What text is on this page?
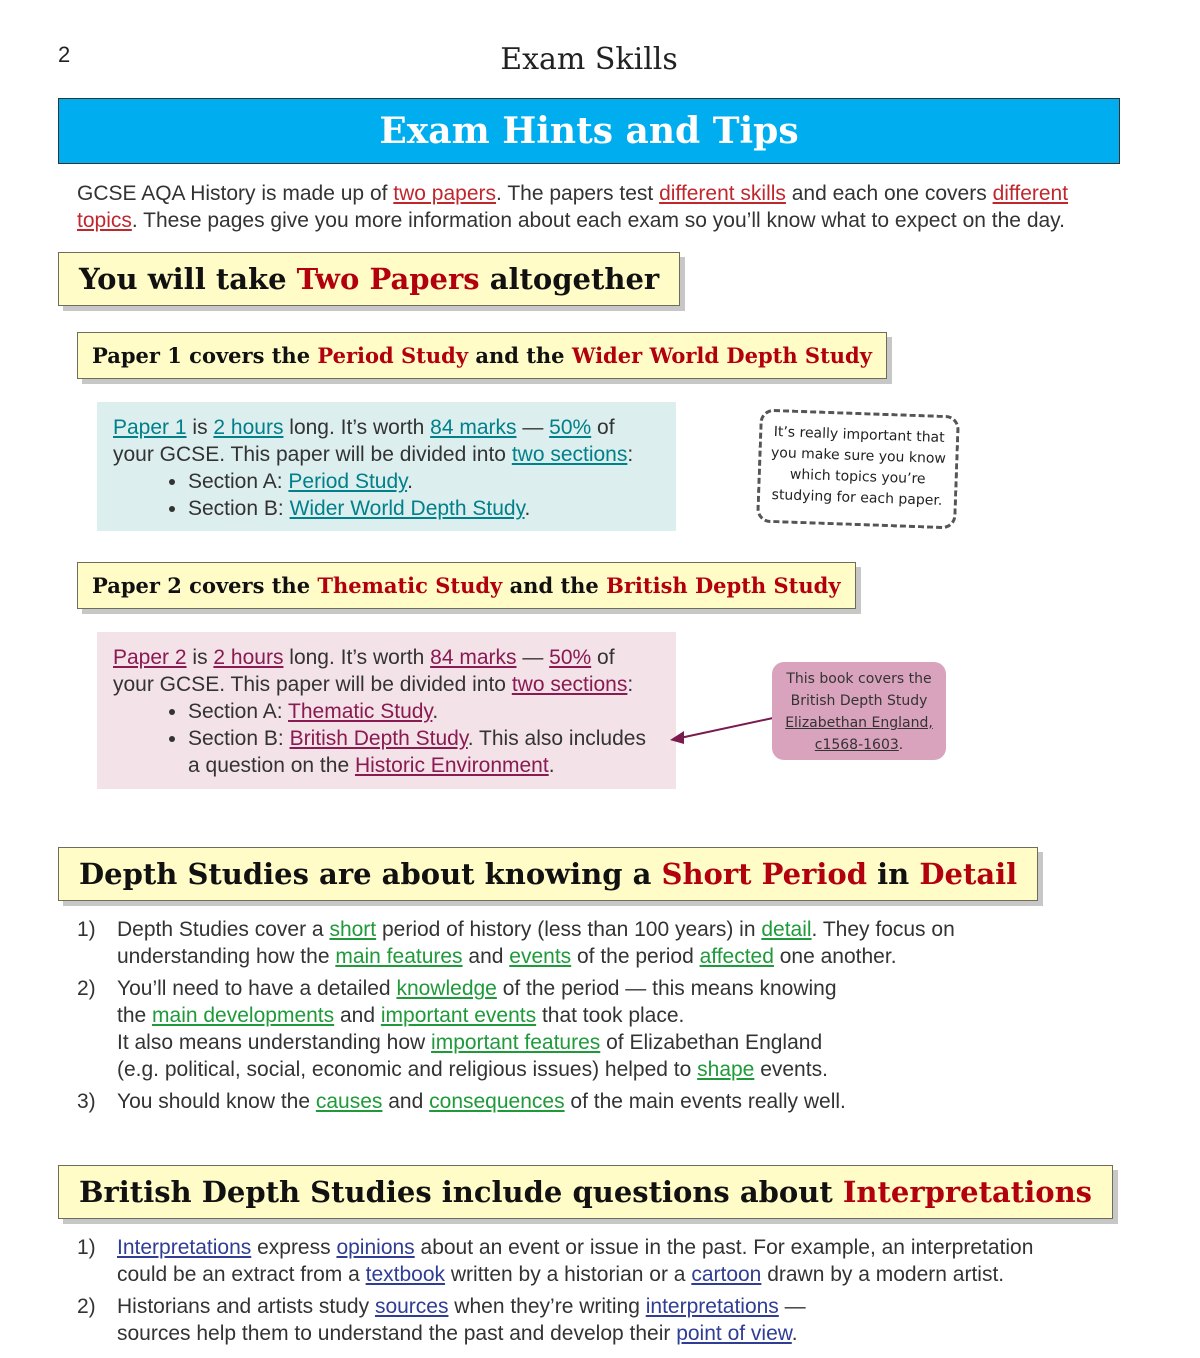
2	Exam Skills
Exam Hints and Tips
GCSE AQA History is made up of two papers. The papers test different skills and each one covers different topics. These pages give you more information about each exam so you’ll know what to expect on the day.
You will take Two Papers altogether
Paper 1 covers the Period Study and the Wider World Depth Study
Paper 1 is 2 hours long. It’s worth 84 marks — 50% of your GCSE. This paper will be divided into two sections:
• Section A: Period Study.
• Section B: Wider World Depth Study.
It’s really important that you make sure you know which topics you’re studying for each paper.
Paper 2 covers the Thematic Study and the British Depth Study
Paper 2 is 2 hours long. It’s worth 84 marks — 50% of your GCSE. This paper will be divided into two sections:
• Section A: Thematic Study.
• Section B: British Depth Study. This also includes a question on the Historic Environment.
This book covers the British Depth Study Elizabethan England, c1568-1603.
Depth Studies are about knowing a Short Period in Detail
1)	Depth Studies cover a short period of history (less than 100 years) in detail. They focus on understanding how the main features and events of the period affected one another.
2)	You’ll need to have a detailed knowledge of the period — this means knowing the main developments and important events that took place.
It also means understanding how important features of Elizabethan England (e.g. political, social, economic and religious issues) helped to shape events.
3)	You should know the causes and consequences of the main events really well.
British Depth Studies include questions about Interpretations
1)	Interpretations express opinions about an event or issue in the past. For example, an interpretation could be an extract from a textbook written by a historian or a cartoon drawn by a modern artist.
2)	Historians and artists study sources when they’re writing interpretations —
sources help them to understand the past and develop their point of view.
